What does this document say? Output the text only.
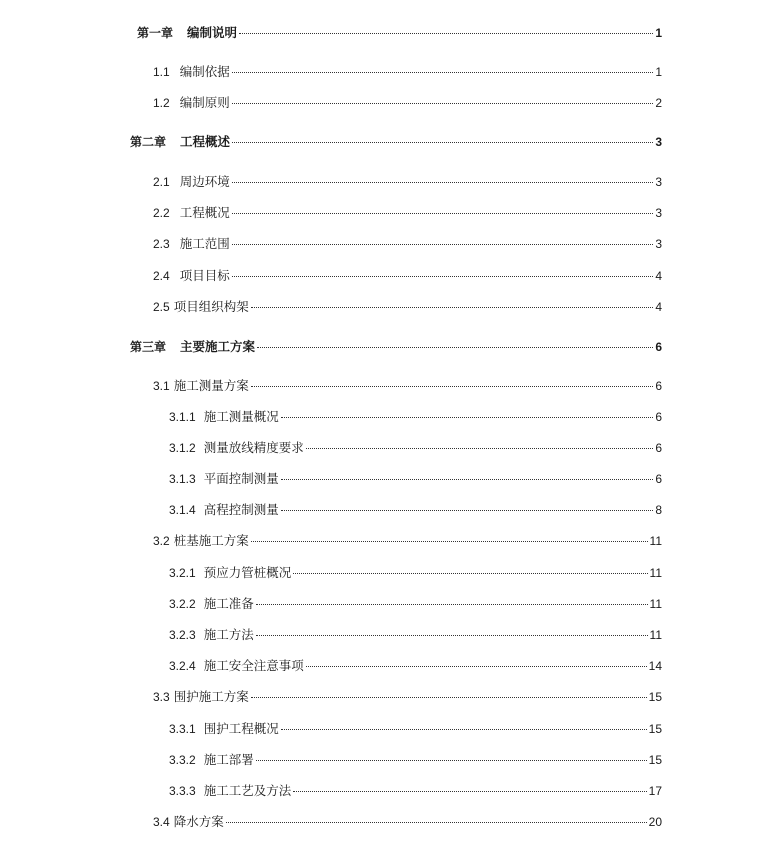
第一章 编制说明	1
1.1 编制依据	1
1.2 编制原则	2
第二章 工程概述	3
2.1 周边环境	3
2.2 工程概况	3
2.3 施工范围	3
2.4 项目目标	4
2.5 项目组织构架	4
第三章 主要施工方案	6
3.1 施工测量方案	6
3.1.1 施工测量概况	6
3.1.2 测量放线精度要求	6
3.1.3 平面控制测量	6
3.1.4 高程控制测量	8
3.2 桩基施工方案	11
3.2.1 预应力管桩概况	11
3.2.2 施工准备	11
3.2.3 施工方法	11
3.2.4 施工安全注意事项	14
3.3 围护施工方案	15
3.3.1 围护工程概况	15
3.3.2 施工部署	15
3.3.3 施工工艺及方法	17
3.4 降水方案	20
